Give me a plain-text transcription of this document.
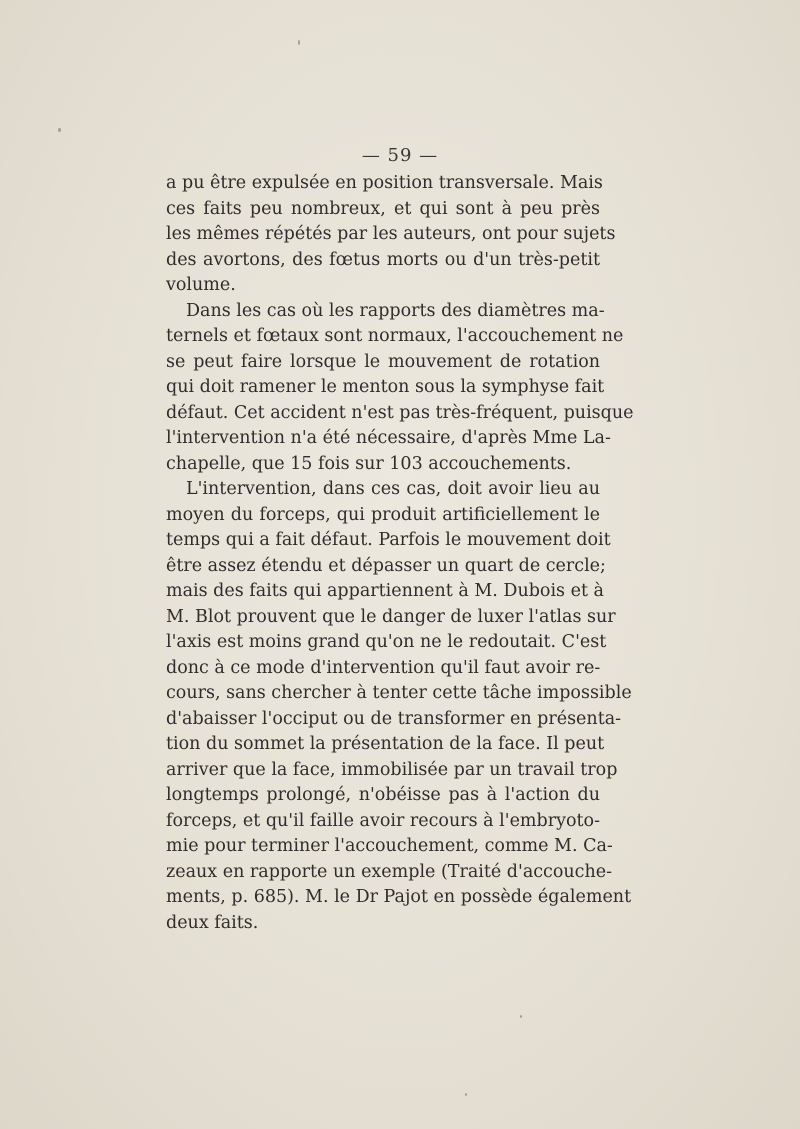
— 59 —
a pu être expulsée en position transversale. Mais
ces faits peu nombreux, et qui sont à peu près
les mêmes répétés par les auteurs, ont pour sujets
des avortons, des fœtus morts ou d'un très-petit
volume.
Dans les cas où les rapports des diamètres ma-
ternels et fœtaux sont normaux, l'accouchement ne
se peut faire lorsque le mouvement de rotation
qui doit ramener le menton sous la symphyse fait
défaut. Cet accident n'est pas très-fréquent, puisque
l'intervention n'a été nécessaire, d'après Mme La-
chapelle, que 15 fois sur 103 accouchements.
L'intervention, dans ces cas, doit avoir lieu au
moyen du forceps, qui produit artificiellement le
temps qui a fait défaut. Parfois le mouvement doit
être assez étendu et dépasser un quart de cercle;
mais des faits qui appartiennent à M. Dubois et à
M. Blot prouvent que le danger de luxer l'atlas sur
l'axis est moins grand qu'on ne le redoutait. C'est
donc à ce mode d'intervention qu'il faut avoir re-
cours, sans chercher à tenter cette tâche impossible
d'abaisser l'occiput ou de transformer en présenta-
tion du sommet la présentation de la face. Il peut
arriver que la face, immobilisée par un travail trop
longtemps prolongé, n'obéisse pas à l'action du
forceps, et qu'il faille avoir recours à l'embryoto-
mie pour terminer l'accouchement, comme M. Ca-
zeaux en rapporte un exemple (Traité d'accouche-
ments, p. 685). M. le Dr Pajot en possède également
deux faits.
